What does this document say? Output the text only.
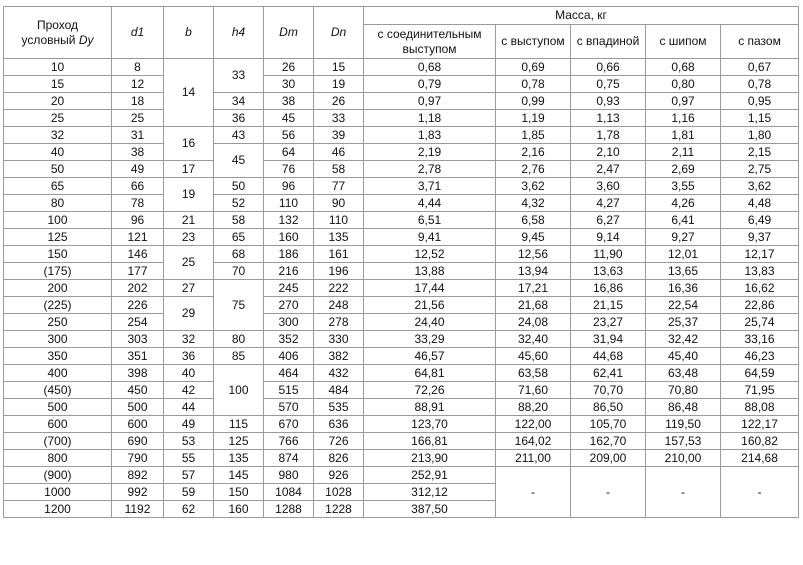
Проход
условный Dy	d1	b	h4	Dm	Dn	Масса, кг				
						с соединительным выступом	с выступом	с впадиной	с шипом	с пазом
10	8	14	33	26	15	0,68	0,69	0,66	0,68	0,67
15	12			30	19	0,79	0,78	0,75	0,80	0,78
20	18		34	38	26	0,97	0,99	0,93	0,97	0,95
25	25		36	45	33	1,18	1,19	1,13	1,16	1,15
32	31	16	43	56	39	1,83	1,85	1,78	1,81	1,80
40	38		45	64	46	2,19	2,16	2,10	2,11	2,15
50	49	17		76	58	2,78	2,76	2,47	2,69	2,75
65	66	19	50	96	77	3,71	3,62	3,60	3,55	3,62
80	78		52	110	90	4,44	4,32	4,27	4,26	4,48
100	96	21	58	132	110	6,51	6,58	6,27	6,41	6,49
125	121	23	65	160	135	9,41	9,45	9,14	9,27	9,37
150	146	25	68	186	161	12,52	12,56	11,90	12,01	12,17
(175)	177		70	216	196	13,88	13,94	13,63	13,65	13,83
200	202	27	75	245	222	17,44	17,21	16,86	16,36	16,62
(225)	226	29		270	248	21,56	21,68	21,15	22,54	22,86
250	254			300	278	24,40	24,08	23,27	25,37	25,74
300	303	32	80	352	330	33,29	32,40	31,94	32,42	33,16
350	351	36	85	406	382	46,57	45,60	44,68	45,40	46,23
400	398	40	100	464	432	64,81	63,58	62,41	63,48	64,59
(450)	450	42		515	484	72,26	71,60	70,70	70,80	71,95
500	500	44		570	535	88,91	88,20	86,50	86,48	88,08
600	600	49	115	670	636	123,70	122,00	105,70	119,50	122,17
(700)	690	53	125	766	726	166,81	164,02	162,70	157,53	160,82
800	790	55	135	874	826	213,90	211,00	209,00	210,00	214,68
(900)	892	57	145	980	926	252,91	-	-	-	-
1000	992	59	150	1084	1028	312,12				
1200	1192	62	160	1288	1228	387,50				
